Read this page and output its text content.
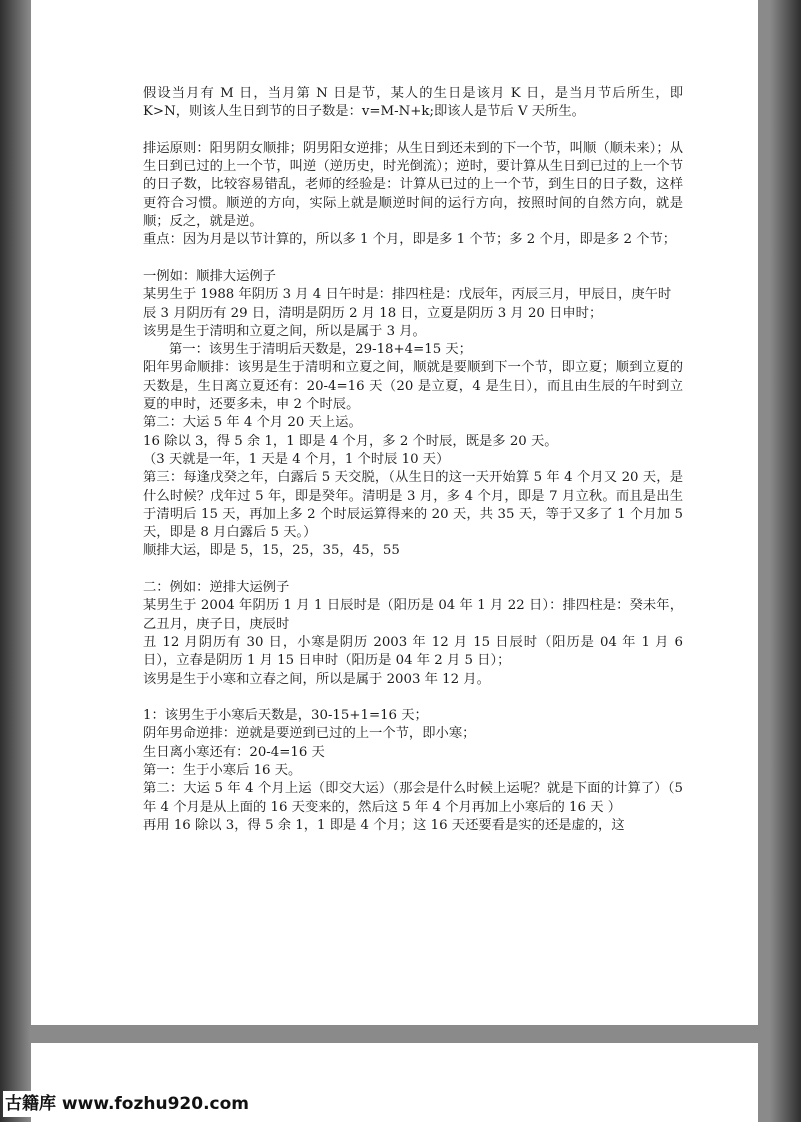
假设当月有 M 日，当月第 N 日是节，某人的生日是该月 K 日，是当月节后所生，即 K>N，则该人生日到节的日子数是：v=M-N+k;即该人是节后 V 天所生。

排运原则：阳男阴女顺排；阴男阳女逆排；从生日到还未到的下一个节，叫顺（顺未来）；从生日到已过的上一个节，叫逆（逆历史，时光倒流）；逆时，要计算从生日到已过的上一个节的日子数，比较容易错乱，老师的经验是：计算从已过的上一个节，到生日的日子数，这样更符合习惯。顺逆的方向，实际上就是顺逆时间的运行方向，按照时间的自然方向，就是顺；反之，就是逆。

重点：因为月是以节计算的，所以多 1 个月，即是多 1 个节；多 2 个月，即是多 2 个节；

一例如：顺排大运例子

某男生于 1988 年阴历 3 月 4 日午时是：排四柱是：戊辰年，丙辰三月，甲辰日，庚午时

辰 3 月阴历有 29 日，清明是阴历 2 月 18 日，立夏是阴历 3 月 20 日申时；

该男是生于清明和立夏之间，所以是属于 3 月。

第一：该男生于清明后天数是，29-18+4=15 天；

阳年男命顺排：该男是生于清明和立夏之间，顺就是要顺到下一个节，即立夏；顺到立夏的天数是，生日离立夏还有：20-4=16 天（20 是立夏，4 是生日），而且由生辰的午时到立夏的申时，还要多未，申 2 个时辰。

第二：大运 5 年 4 个月 20 天上运。

16 除以 3，得 5 余 1，1 即是 4 个月，多 2 个时辰，既是多 20 天。

（3 天就是一年，1 天是 4 个月，1 个时辰 10 天）

第三：每逢戊癸之年，白露后 5 天交脱，（从生日的这一天开始算 5 年 4 个月又 20 天，是什么时候？戊年过 5 年，即是癸年。清明是 3 月，多 4 个月，即是 7 月立秋。而且是出生于清明后 15 天，再加上多 2 个时辰运算得来的 20 天，共 35 天，等于又多了 1 个月加 5 天，即是 8 月白露后 5 天。）

顺排大运，即是 5，15，25，35，45，55

二：例如：逆排大运例子

某男生于 2004 年阴历 1 月 1 日辰时是（阳历是 04 年 1 月 22 日）：排四柱是：癸未年，乙丑月，庚子日，庚辰时

丑 12 月阴历有 30 日，小寒是阴历 2003 年 12 月 15 日辰时（阳历是 04 年 1 月 6 日），立春是阴历 1 月 15 日申时（阳历是 04 年 2 月 5 日）；

该男是生于小寒和立春之间，所以是属于 2003 年 12 月。

1：该男生于小寒后天数是，30-15+1=16 天；

阴年男命逆排：逆就是要逆到已过的上一个节，即小寒；

生日离小寒还有：20-4=16 天

第一：生于小寒后 16 天。

第二：大运 5 年 4 个月上运（即交大运）（那会是什么时候上运呢？就是下面的计算了）（5 年 4 个月是从上面的 16 天变来的，然后这 5 年 4 个月再加上小寒后的 16 天 ）

再用 16 除以 3，得 5 余 1，1 即是 4 个月；这 16 天还要看是实的还是虚的，这

古籍库 www.fozhu920.com
